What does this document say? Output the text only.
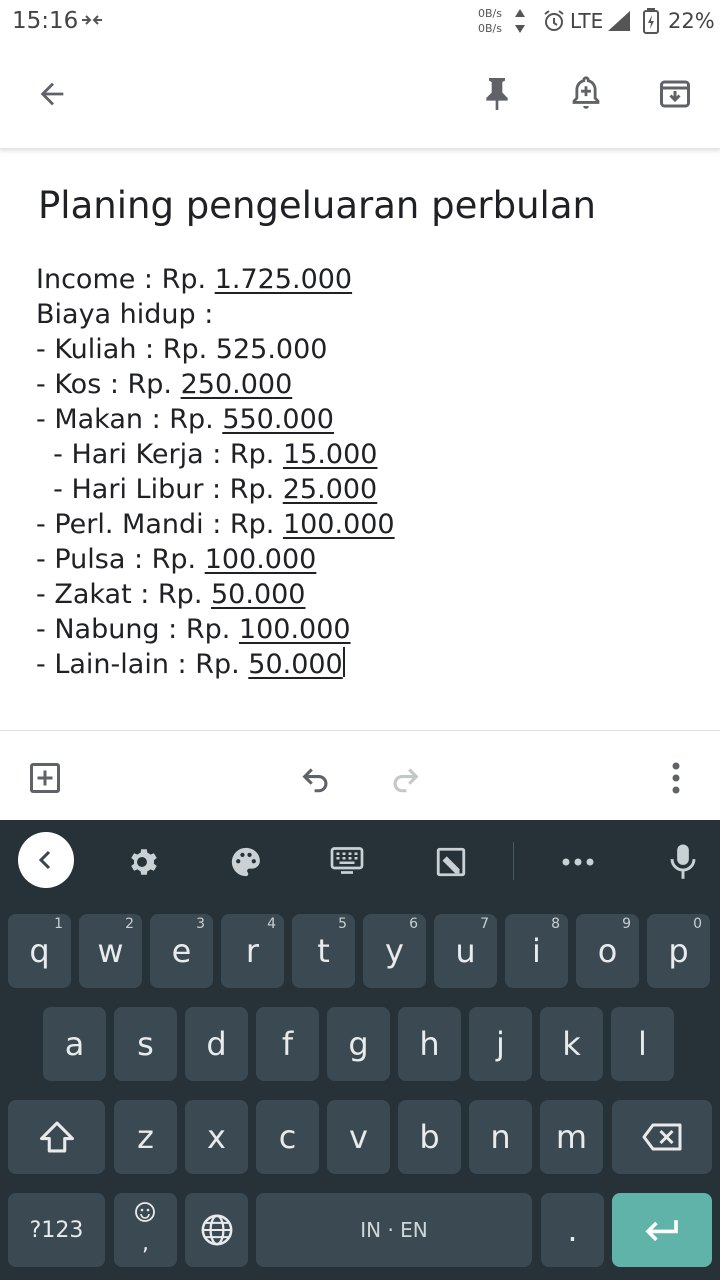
15:16	0B/s
0B/s	LTE	22%
Planing pengeluaran perbulan
Income : Rp. 1.725.000
Biaya hidup :
- Kuliah : Rp. 525.000
- Kos : Rp. 250.000
- Makan : Rp. 550.000
- Hari Kerja : Rp. 15.000
- Hari Libur : Rp. 25.000
- Perl. Mandi : Rp. 100.000
- Pulsa : Rp. 100.000
- Zakat : Rp. 50.000
- Nabung : Rp. 100.000
- Lain-lain : Rp. 50.000
q
1
w
2
e
3
r
4
t
5
y
6
u
7
i
8
o
9
p
0
a s d f g h j k l
z x c v b n m
?123
,
IN · EN	.
